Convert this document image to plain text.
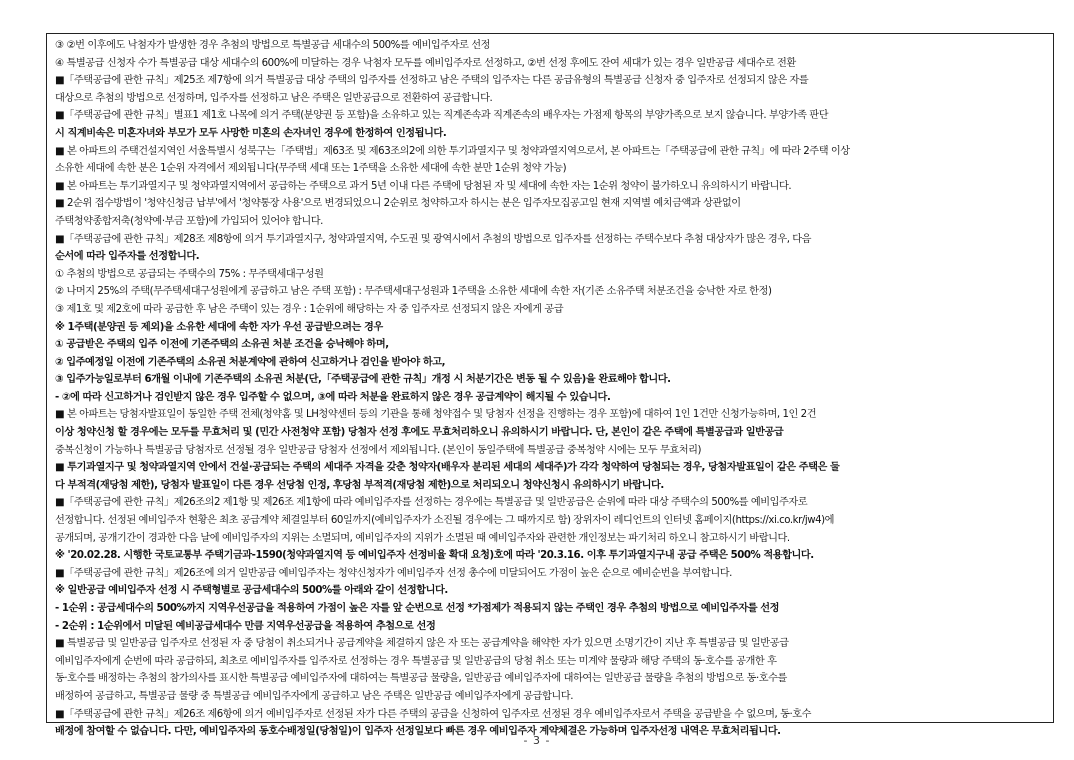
③ ②번 이후에도 낙첨자가 발생한 경우 추첨의 방법으로 특별공급 세대수의 500%를 예비입주자로 선정
④ 특별공급 신청자 수가 특별공급 대상 세대수의 600%에 미달하는 경우 낙첨자 모두를 예비입주자로 선정하고, ②번 선정 후에도 잔여 세대가 있는 경우 일반공급 세대수로 전환
■「주택공급에 관한 규칙」제25조 제7항에 의거 특별공급 대상 주택의 입주자를 선정하고 남은 주택의 입주자는 다른 공급유형의 특별공급 신청자 중 입주자로 선정되지 않은 자를
대상으로 추첨의 방법으로 선정하며, 입주자를 선정하고 남은 주택은 일반공급으로 전환하여 공급합니다.
■「주택공급에 관한 규칙」별표1 제1호 나목에 의거 주택(분양권 등 포함)을 소유하고 있는 직계존속과 직계존속의 배우자는 가점제 항목의 부양가족으로 보지 않습니다. 부양가족 판단
시 직계비속은 미혼자녀와 부모가 모두 사망한 미혼의 손자녀인 경우에 한정하여 인정됩니다.
■ 본 아파트의 주택건설지역인 서울특별시 성북구는「주택법」제63조 및 제63조의2에 의한 투기과열지구 및 청약과열지역으로서, 본 아파트는「주택공급에 관한 규칙」에 따라 2주택 이상
소유한 세대에 속한 분은 1순위 자격에서 제외됩니다(무주택 세대 또는 1주택을 소유한 세대에 속한 분만 1순위 청약 가능)
■ 본 아파트는 투기과열지구 및 청약과열지역에서 공급하는 주택으로 과거 5년 이내 다른 주택에 당첨된 자 및 세대에 속한 자는 1순위 청약이 불가하오니 유의하시기 바랍니다.
■ 2순위 접수방법이 '청약신청금 납부'에서 '청약통장 사용'으로 변경되었으니 2순위로 청약하고자 하시는 분은 입주자모집공고일 현재 지역별 예치금액과 상관없이
주택청약종합저축(청약예·부금 포함)에 가입되어 있어야 합니다.
■「주택공급에 관한 규칙」제28조 제8항에 의거 투기과열지구, 청약과열지역, 수도권 및 광역시에서 추첨의 방법으로 입주자를 선정하는 주택수보다 추첨 대상자가 많은 경우, 다음
순서에 따라 입주자를 선정합니다.
① 추첨의 방법으로 공급되는 주택수의 75% : 무주택세대구성원
② 나머지 25%의 주택(무주택세대구성원에게 공급하고 남은 주택 포함) : 무주택세대구성원과 1주택을 소유한 세대에 속한 자(기존 소유주택 처분조건을 승낙한 자로 한정)
③ 제1호 및 제2호에 따라 공급한 후 남은 주택이 있는 경우 : 1순위에 해당하는 자 중 입주자로 선정되지 않은 자에게 공급
※ 1주택(분양권 등 제외)을 소유한 세대에 속한 자가 우선 공급받으려는 경우
① 공급받은 주택의 입주 이전에 기존주택의 소유권 처분 조건을 승낙해야 하며,
② 입주예정일 이전에 기존주택의 소유권 처분계약에 관하여 신고하거나 검인을 받아야 하고,
③ 입주가능일로부터 6개월 이내에 기존주택의 소유권 처분(단,「주택공급에 관한 규칙」개정 시 처분기간은 변동 될 수 있음)을 완료해야 합니다.
- ②에 따라 신고하거나 검인받지 않은 경우 입주할 수 없으며, ③에 따라 처분을 완료하지 않은 경우 공급계약이 해지될 수 있습니다.
■ 본 아파트는 당첨자발표일이 동일한 주택 전체(청약홈 및 LH청약센터 등의 기관을 통해 청약접수 및 당첨자 선정을 진행하는 경우 포함)에 대하여 1인 1건만 신청가능하며, 1인 2건
이상 청약신청 할 경우에는 모두를 무효처리 및 (민간 사전청약 포함) 당첨자 선정 후에도 무효처리하오니 유의하시기 바랍니다. 단, 본인이 같은 주택에 특별공급과 일반공급
중복신청이 가능하나 특별공급 당첨자로 선정될 경우 일반공급 당첨자 선정에서 제외됩니다. (본인이 동일주택에 특별공급 중복청약 시에는 모두 무효처리)
■ 투기과열지구 및 청약과열지역 안에서 건설·공급되는 주택의 세대주 자격을 갖춘 청약자(배우자 분리된 세대의 세대주)가 각각 청약하여 당첨되는 경우, 당첨자발표일이 같은 주택은 둘
다 부적격(재당첨 제한), 당첨자 발표일이 다른 경우 선당첨 인정, 후당첨 부적격(재당첨 제한)으로 처리되오니 청약신청시 유의하시기 바랍니다.
■「주택공급에 관한 규칙」제26조의2 제1항 및 제26조 제1항에 따라 예비입주자를 선정하는 경우에는 특별공급 및 일반공급은 순위에 따라 대상 주택수의 500%를 예비입주자로
선정합니다. 선정된 예비입주자 현황은 최초 공급계약 체결일부터 60일까지(예비입주자가 소진될 경우에는 그 때까지로 함) 장위자이 레디언트의 인터넷 홈페이지(https://xi.co.kr/jw4)에
공개되며, 공개기간이 경과한 다음 날에 예비입주자의 지위는 소멸되며, 예비입주자의 지위가 소멸된 때 예비입주자와 관련한 개인정보는 파기처리 하오니 참고하시기 바랍니다.
※ '20.02.28. 시행한 국토교통부 주택기금과-1590(청약과열지역 등 예비입주자 선정비율 확대 요청)호에 따라 '20.3.16. 이후 투기과열지구내 공급 주택은 500% 적용합니다.
■「주택공급에 관한 규칙」제26조에 의거 일반공급 예비입주자는 청약신청자가 예비입주자 선정 총수에 미달되어도 가점이 높은 순으로 예비순번을 부여합니다.
※ 일반공급 예비입주자 선정 시 주택형별로 공급세대수의 500%를 아래와 같이 선정합니다.
- 1순위 : 공급세대수의 500%까지 지역우선공급을 적용하여 가점이 높은 자를 앞 순번으로 선정 *가점제가 적용되지 않는 주택인 경우 추첨의 방법으로 예비입주자를 선정
- 2순위 : 1순위에서 미달된 예비공급세대수 만큼 지역우선공급을 적용하여 추첨으로 선정
■ 특별공급 및 일반공급 입주자로 선정된 자 중 당첨이 취소되거나 공급계약을 체결하지 않은 자 또는 공급계약을 해약한 자가 있으면 소명기간이 지난 후 특별공급 및 일반공급
예비입주자에게 순번에 따라 공급하되, 최초로 예비입주자를 입주자로 선정하는 경우 특별공급 및 일반공급의 당첨 취소 또는 미계약 물량과 해당 주택의 동·호수를 공개한 후
동·호수를 배정하는 추첨의 참가의사를 표시한 특별공급 예비입주자에 대하여는 특별공급 물량을, 일반공급 예비입주자에 대하여는 일반공급 물량을 추첨의 방법으로 동·호수를
배정하여 공급하고, 특별공급 물량 중 특별공급 예비입주자에게 공급하고 남은 주택은 일반공급 예비입주자에게 공급합니다.
■「주택공급에 관한 규칙」제26조 제6항에 의거 예비입주자로 선정된 자가 다른 주택의 공급을 신청하여 입주자로 선정된 경우 예비입주자로서 주택을 공급받을 수 없으며, 동·호수
배정에 참여할 수 없습니다. 다만, 예비입주자의 동호수배정일(당첨일)이 입주자 선정일보다 빠른 경우 예비입주자 계약체결은 가능하며 입주자선정 내역은 무효처리됩니다.
- 3 -
